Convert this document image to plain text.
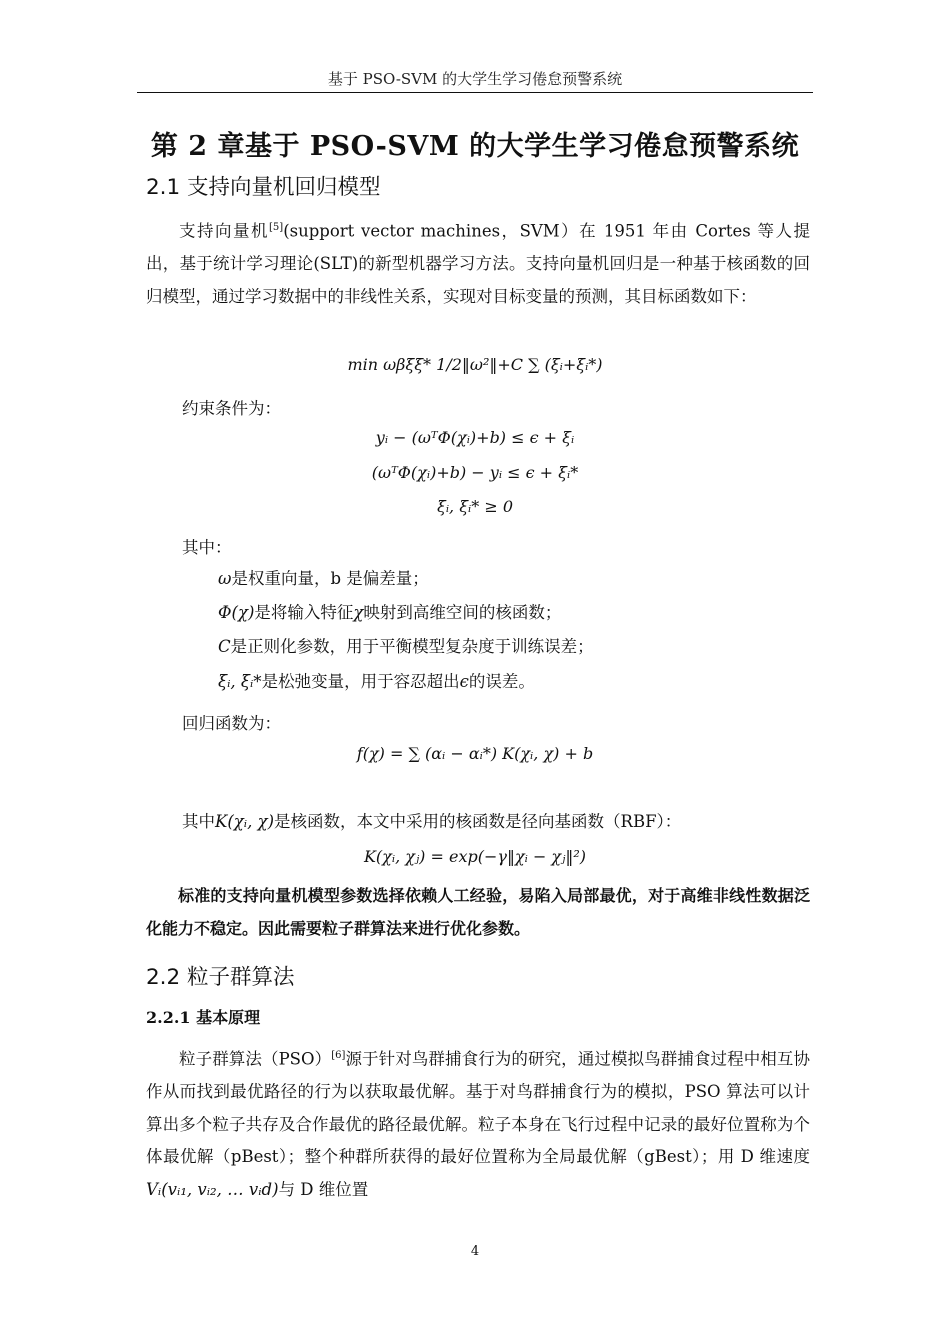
基于 PSO-SVM 的大学生学习倦怠预警系统
第 2 章基于 PSO-SVM 的大学生学习倦怠预警系统
2.1 支持向量机回归模型

支持向量机[5](support vector machines，SVM）在 1951 年由 Cortes 等人提出，基于统计学习理论(SLT)的新型机器学习方法。支持向量机回归是一种基于核函数的回归模型，通过学习数据中的非线性关系，实现对目标变量的预测，其目标函数如下：

min ωβξξ* 1/2‖ω²‖+C ∑ (ξᵢ+ξᵢ*)
约束条件为：
yᵢ − (ωᵀΦ(χᵢ)+b) ≤ ϵ + ξᵢ
(ωᵀΦ(χᵢ)+b) − yᵢ ≤ ϵ + ξᵢ*
ξᵢ, ξᵢ* ≥ 0
其中：
ω是权重向量，b 是偏差量；
Φ(χ)是将输入特征χ映射到高维空间的核函数；
C是正则化参数，用于平衡模型复杂度于训练误差；
ξᵢ, ξᵢ*是松弛变量，用于容忍超出ϵ的误差。
回归函数为：
f(χ) = ∑ (αᵢ − αᵢ*) K(χᵢ, χ) + b
其中K(χᵢ, χ)是核函数，本文中采用的核函数是径向基函数（RBF）：
K(χᵢ, χⱼ) = exp(−γ‖χᵢ − χⱼ‖²)

标准的支持向量机模型参数选择依赖人工经验，易陷入局部最优，对于高维非线性数据泛化能力不稳定。因此需要粒子群算法来进行优化参数。

2.2 粒子群算法
2.2.1 基本原理

粒子群算法（PSO）[6]源于针对鸟群捕食行为的研究，通过模拟鸟群捕食过程中相互协作从而找到最优路径的行为以获取最优解。基于对鸟群捕食行为的模拟，PSO 算法可以计算出多个粒子共存及合作最优的路径最优解。粒子本身在飞行过程中记录的最好位置称为个体最优解（pBest）；整个种群所获得的最好位置称为全局最优解（gBest）；用 D 维速度Vᵢ(vᵢ₁, vᵢ₂, … vᵢd)与 D 维位置

4
